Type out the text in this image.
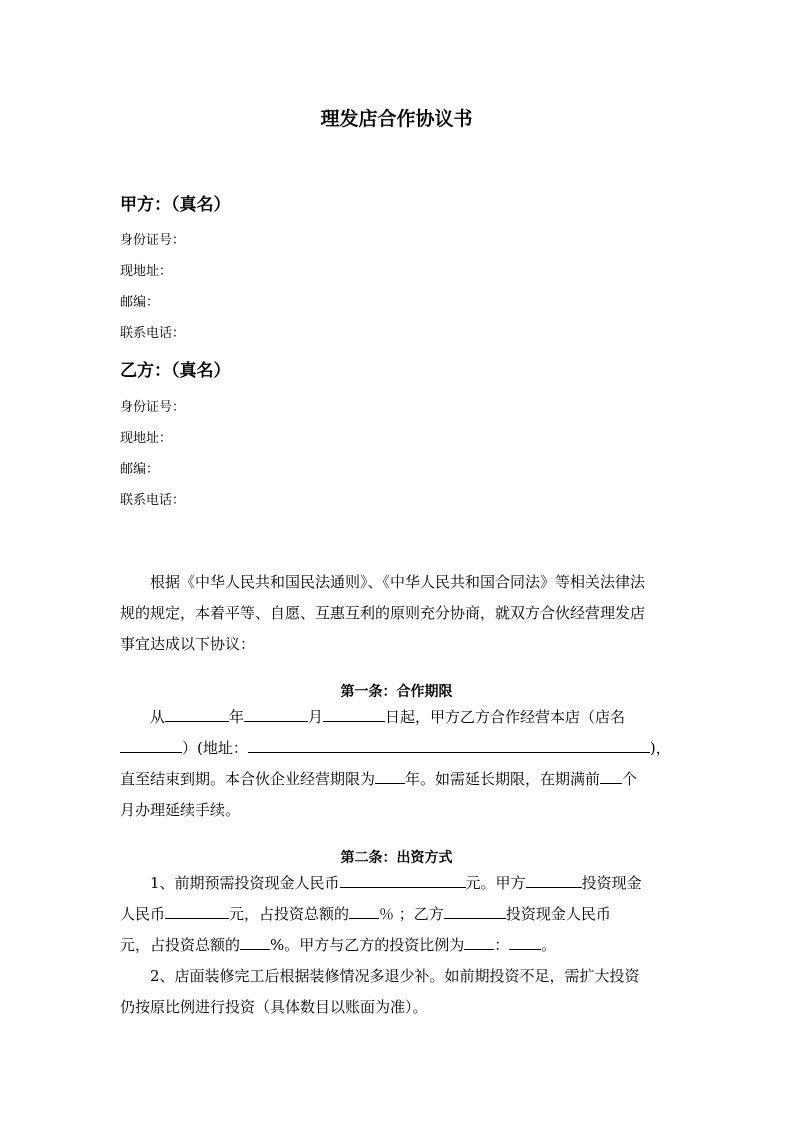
理发店合作协议书
甲方：（真名）
身份证号：
现地址：
邮编：
联系电话：
乙方：（真名）
身份证号：
现地址：
邮编：
联系电话：
根据《中华人民共和国民法通则》、《中华人民共和国合同法》等相关法律法
规的规定，本着平等、自愿、互惠互利的原则充分协商，就双方合伙经营理发店
事宜达成以下协议：
第一条：合作期限
从	年	月	日起，甲方乙方合作经营本店（店名
）(地址：	)，
直至结束到期。本合伙企业经营期限为 年。如需延长期限，在期满前 个
月办理延续手续。
第二条：出资方式
1、前期预需投资现金人民币	元。甲方	投资现金
人民币	元，占投资总额的 ％ ；乙方	投资现金人民币
元，占投资总额的 %。甲方与乙方的投资比例为 ： 。
2、店面装修完工后根据装修情况多退少补。如前期投资不足，需扩大投资
仍按原比例进行投资（具体数目以账面为准）。
